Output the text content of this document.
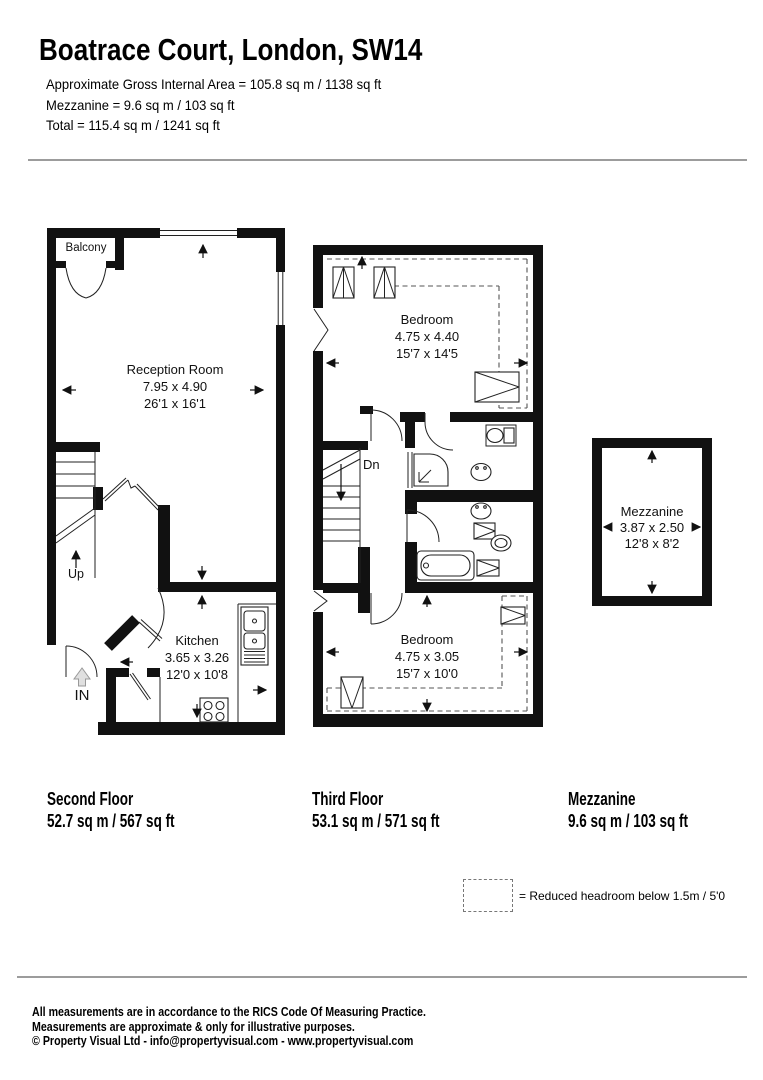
Boatrace Court, London, SW14
Approximate Gross Internal Area = 105.8 sq m / 1138 sq ft
Mezzanine = 9.6 sq m / 103 sq ft
Total = 115.4 sq m / 1241 sq ft
Balcony
Up
IN
Reception Room
7.95 x 4.90
26'1 x 16'1
Kitchen
3.65 x 3.26
12'0 x 10'8
Dn
Bedroom
4.75 x 4.40
15'7 x 14'5
Bedroom
4.75 x 3.05
15'7 x 10'0
Mezzanine
3.87 x 2.50
12'8 x 8'2
Second Floor
52.7 sq m / 567 sq ft
Third Floor
53.1 sq m / 571 sq ft
Mezzanine
9.6 sq m / 103 sq ft
= Reduced headroom below 1.5m / 5'0
All measurements are in accordance to the RICS Code Of Measuring Practice.
Measurements are approximate & only for illustrative purposes.
© Property Visual Ltd - info@propertyvisual.com - www.propertyvisual.com
